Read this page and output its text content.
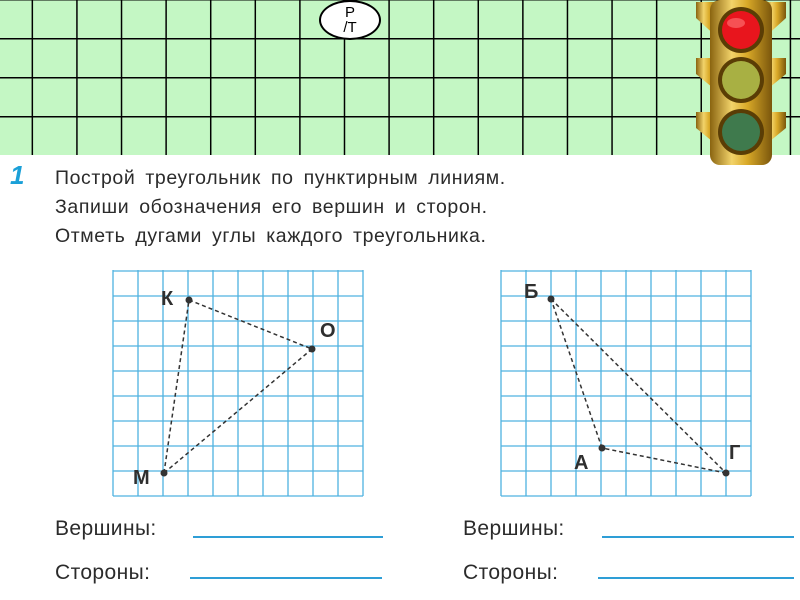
Р/Т
1 Построй треугольник по пунктирным линиям.
Запиши обозначения его вершин и сторон.
Отметь дугами углы каждого треугольника.
К
О
М
Б
А	Г
Вершины:
Стороны:
Вершины:
Стороны:
